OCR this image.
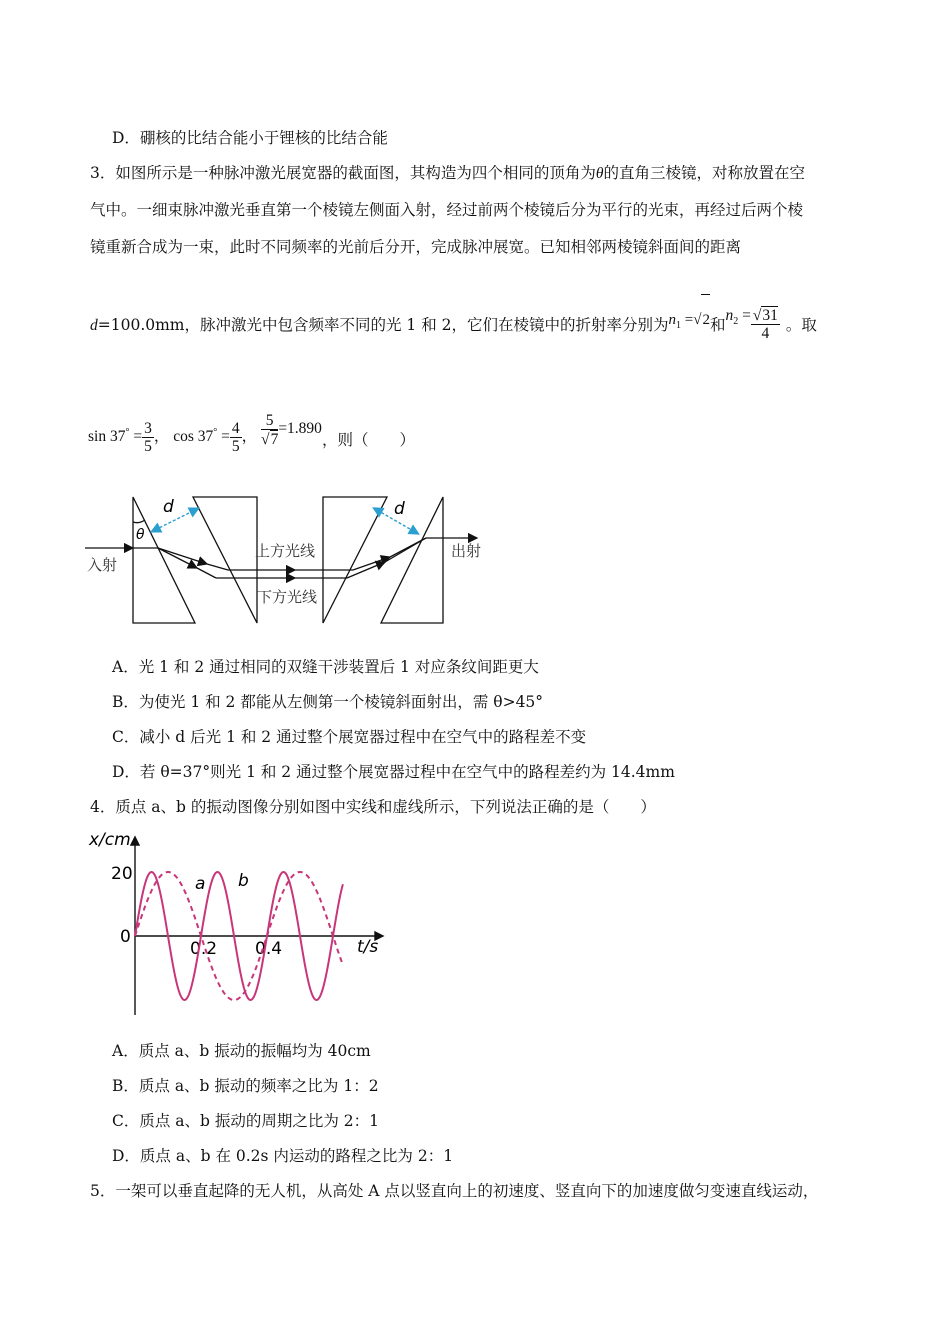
D．硼核的比结合能小于锂核的比结合能
3．如图所示是一种脉冲激光展宽器的截面图，其构造为四个相同的顶角为θ的直角三棱镜，对称放置在空
气中。一细束脉冲激光垂直第一个棱镜左侧面入射，经过前两个棱镜后分为平行的光束，再经过后两个棱
镜重新合成为一束，此时不同频率的光前后分开，完成脉冲展宽。已知相邻两棱镜斜面间的距离
d=100.0mm，脉冲激光中包含频率不同的光 1 和 2，它们在棱镜中的折射率分别为$n_1 =√2$和$n_2 = \frac{√31}{4}$ 。取
$\sin 37^\circ = \frac{3}{5}$ ， $\cos 37^\circ = \frac{4}{5}$ ， $\frac{5}{√7} =1.890$，则（　　）
d	d
θ
入射
出射
上方光线
下方光线
A．光 1 和 2 通过相同的双缝干涉装置后 1 对应条纹间距更大
B．为使光 1 和 2 都能从左侧第一个棱镜斜面射出，需 θ>45°
C．减小 d 后光 1 和 2 通过整个展宽器过程中在空气中的路程差不变
D．若 θ=37°则光 1 和 2 通过整个展宽器过程中在空气中的路程差约为 14.4mm
4．质点 a、b 的振动图像分别如图中实线和虚线所示，下列说法正确的是（　　）
x/cm
t/s
20
0
0.2 0.4
a b
A．质点 a、b 振动的振幅均为 40cm
B．质点 a、b 振动的频率之比为 1：2
C．质点 a、b 振动的周期之比为 2：1
D．质点 a、b 在 0.2s 内运动的路程之比为 2：1
5．一架可以垂直起降的无人机，从高处 A 点以竖直向上的初速度、竖直向下的加速度做匀变速直线运动，
